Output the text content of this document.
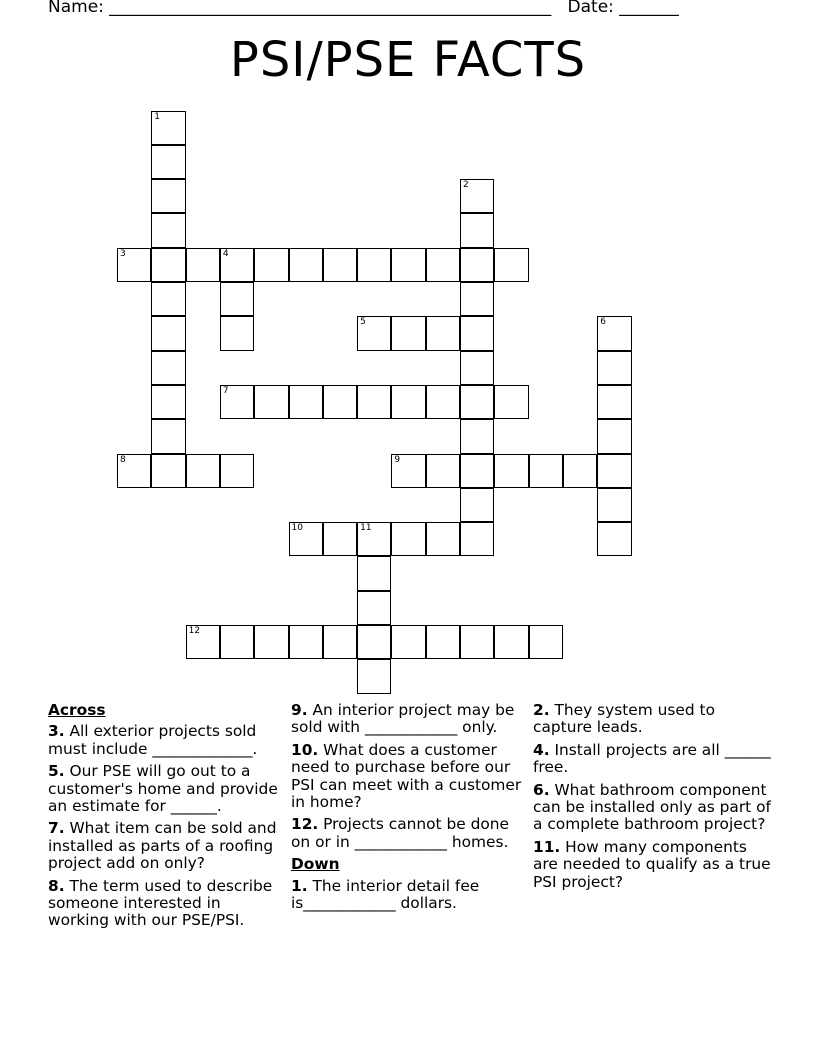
Name: ____________________________________________________ Date: _______
PSI/PSE FACTS
1
2
3	4
5	6
7
8	9
10	11
12
Across
3. All exterior projects sold must include _____________.
5. Our PSE will go out to a customer's home and provide an estimate for ______.
7. What item can be sold and installed as parts of a roofing project add on only?
8. The term used to describe someone interested in working with our PSE/PSI.
9. An interior project may be sold with ____________ only.
10. What does a customer need to purchase before our PSI can meet with a customer in home?
12. Projects cannot be done on or in ____________ homes.
Down
1. The interior detail fee is____________ dollars.
2. They system used to capture leads.
4. Install projects are all ______ free.
6. What bathroom component can be installed only as part of a complete bathroom project?
11. How many components are needed to qualify as a true PSI project?
